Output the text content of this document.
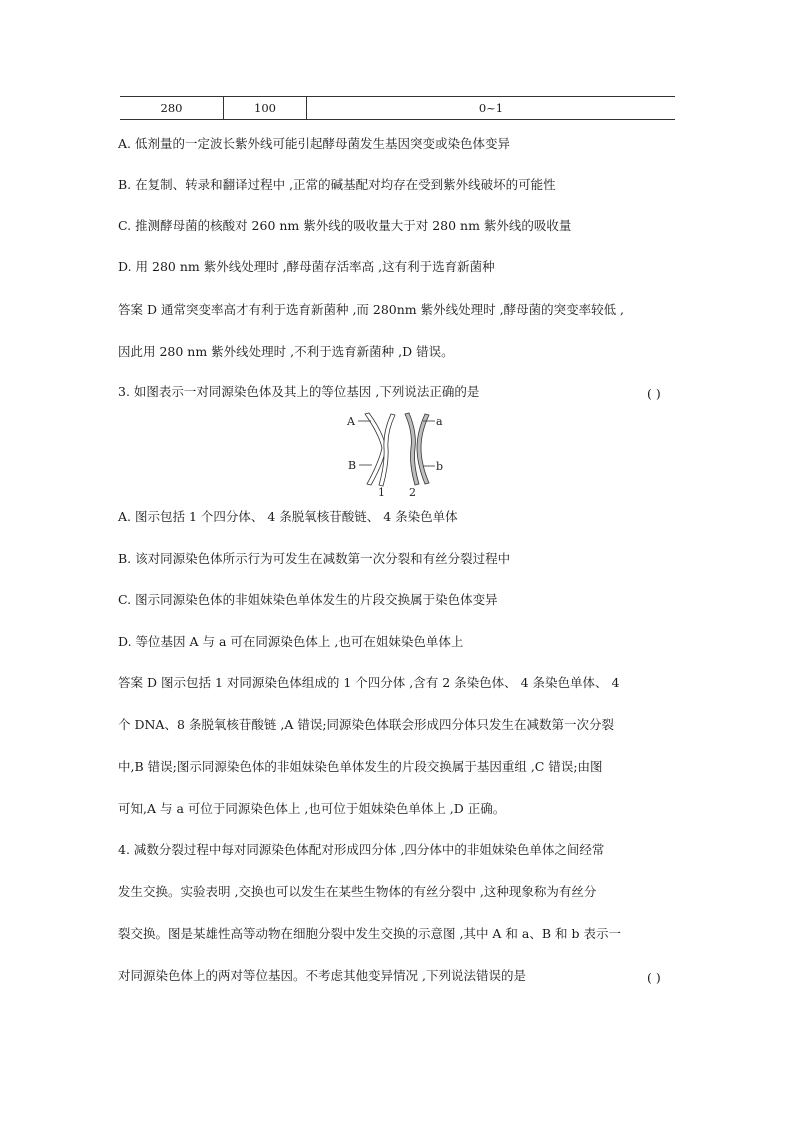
280	100	0~1
A. 低剂量的一定波长紫外线可能引起酵母菌发生基因突变或染色体变异
B. 在复制、转录和翻译过程中 ,正常的碱基配对均存在受到紫外线破坏的可能性
C. 推测酵母菌的核酸对 260 nm 紫外线的吸收量大于对 280 nm 紫外线的吸收量
D. 用 280 nm 紫外线处理时 ,酵母菌存活率高 ,这有利于选育新菌种
答案 D 通常突变率高才有利于选育新菌种 ,而 280nm 紫外线处理时 ,酵母菌的突变率较低 ,
因此用 280 nm 紫外线处理时 ,不利于选育新菌种 ,D 错误。
3. 如图表示一对同源染色体及其上的等位基因 ,下列说法正确的是	( )
A
B
a
b
1 2
A. 图示包括 1 个四分体、 4 条脱氧核苷酸链、 4 条染色单体
B. 该对同源染色体所示行为可发生在减数第一次分裂和有丝分裂过程中
C. 图示同源染色体的非姐妹染色单体发生的片段交换属于染色体变异
D. 等位基因 A 与 a 可在同源染色体上 ,也可在姐妹染色单体上
答案 D 图示包括 1 对同源染色体组成的 1 个四分体 ,含有 2 条染色体、 4 条染色单体、 4
个 DNA、8 条脱氧核苷酸链 ,A 错误;同源染色体联会形成四分体只发生在减数第一次分裂
中,B 错误;图示同源染色体的非姐妹染色单体发生的片段交换属于基因重组 ,C 错误;由图
可知,A 与 a 可位于同源染色体上 ,也可位于姐妹染色单体上 ,D 正确。
4. 减数分裂过程中每对同源染色体配对形成四分体 ,四分体中的非姐妹染色单体之间经常
发生交换。实验表明 ,交换也可以发生在某些生物体的有丝分裂中 ,这种现象称为有丝分
裂交换。图是某雄性高等动物在细胞分裂中发生交换的示意图 ,其中 A 和 a、B 和 b 表示一
对同源染色体上的两对等位基因。不考虑其他变异情况 ,下列说法错误的是	( )
